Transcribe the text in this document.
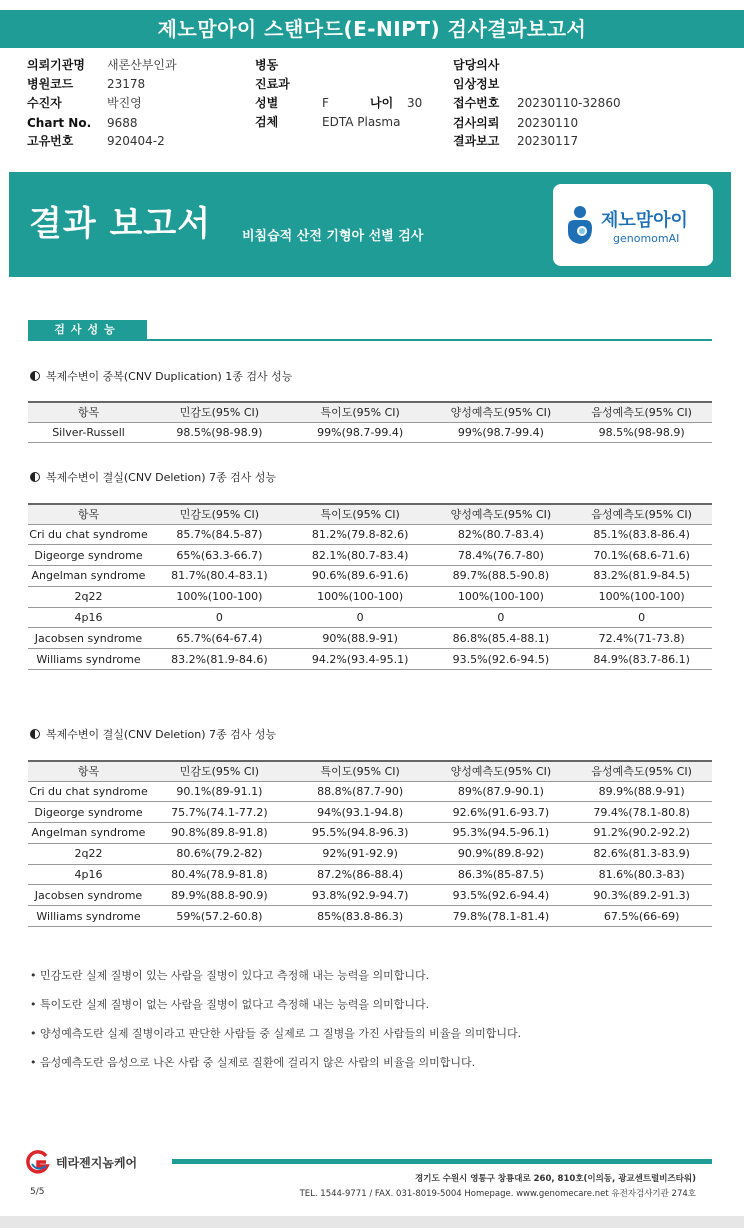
제노맘아이 스탠다드(E-NIPT) 검사결과보고서
의뢰기관명 새론산부인과
병원코드	23178
수진자	박진영
Chart No. 9688
고유번호	920404-2
병동
진료과
성별	F	나이 30
검체	EDTA Plasma
담당의사
임상정보
접수번호 20230110-32860
검사의뢰 20230110
결과보고 20230117
결과 보고서 비침습적 산전 기형아 선별 검사
제노맘아이
genomomAI
검사성능
복제수변이 중복(CNV Duplication) 1종 검사 성능
항목	민감도(95% CI)	특이도(95% CI)	양성예측도(95% CI)	음성예측도(95% CI)
Silver-Russell	98.5%(98-98.9)	99%(98.7-99.4)	99%(98.7-99.4)	98.5%(98-98.9)
복제수변이 결실(CNV Deletion) 7종 검사 성능
항목	민감도(95% CI)	특이도(95% CI)	양성예측도(95% CI)	음성예측도(95% CI)
Cri du chat syndrome	85.7%(84.5-87)	81.2%(79.8-82.6)	82%(80.7-83.4)	85.1%(83.8-86.4)
Digeorge syndrome	65%(63.3-66.7)	82.1%(80.7-83.4)	78.4%(76.7-80)	70.1%(68.6-71.6)
Angelman syndrome	81.7%(80.4-83.1)	90.6%(89.6-91.6)	89.7%(88.5-90.8)	83.2%(81.9-84.5)
2q22	100%(100-100)	100%(100-100)	100%(100-100)	100%(100-100)
4p16	0	0	0	0
Jacobsen syndrome	65.7%(64-67.4)	90%(88.9-91)	86.8%(85.4-88.1)	72.4%(71-73.8)
Williams syndrome	83.2%(81.9-84.6)	94.2%(93.4-95.1)	93.5%(92.6-94.5)	84.9%(83.7-86.1)
복제수변이 결실(CNV Deletion) 7종 검사 성능
항목	민감도(95% CI)	특이도(95% CI)	양성예측도(95% CI)	음성예측도(95% CI)
Cri du chat syndrome	90.1%(89-91.1)	88.8%(87.7-90)	89%(87.9-90.1)	89.9%(88.9-91)
Digeorge syndrome	75.7%(74.1-77.2)	94%(93.1-94.8)	92.6%(91.6-93.7)	79.4%(78.1-80.8)
Angelman syndrome	90.8%(89.8-91.8)	95.5%(94.8-96.3)	95.3%(94.5-96.1)	91.2%(90.2-92.2)
2q22	80.6%(79.2-82)	92%(91-92.9)	90.9%(89.8-92)	82.6%(81.3-83.9)
4p16	80.4%(78.9-81.8)	87.2%(86-88.4)	86.3%(85-87.5)	81.6%(80.3-83)
Jacobsen syndrome	89.9%(88.8-90.9)	93.8%(92.9-94.7)	93.5%(92.6-94.4)	90.3%(89.2-91.3)
Williams syndrome	59%(57.2-60.8)	85%(83.8-86.3)	79.8%(78.1-81.4)	67.5%(66-69)
• 민감도란 실제 질병이 있는 사람을 질병이 있다고 측정해 내는 능력을 의미합니다.
• 특이도란 실제 질병이 없는 사람을 질병이 없다고 측정해 내는 능력을 의미합니다.
• 양성예측도란 실제 질병이라고 판단한 사람들 중 실제로 그 질병을 가진 사람들의 비율을 의미합니다.
• 음성예측도란 음성으로 나온 사람 중 실제로 질환에 걸리지 않은 사람의 비율을 의미합니다.
테라젠지놈케어
경기도 수원시 영통구 창룡대로 260, 810호(이의동, 광교센트럴비즈타워)
5/5	TEL. 1544-9771 / FAX. 031-8019-5004 Homepage. www.genomecare.net 유전자검사기관 274호
